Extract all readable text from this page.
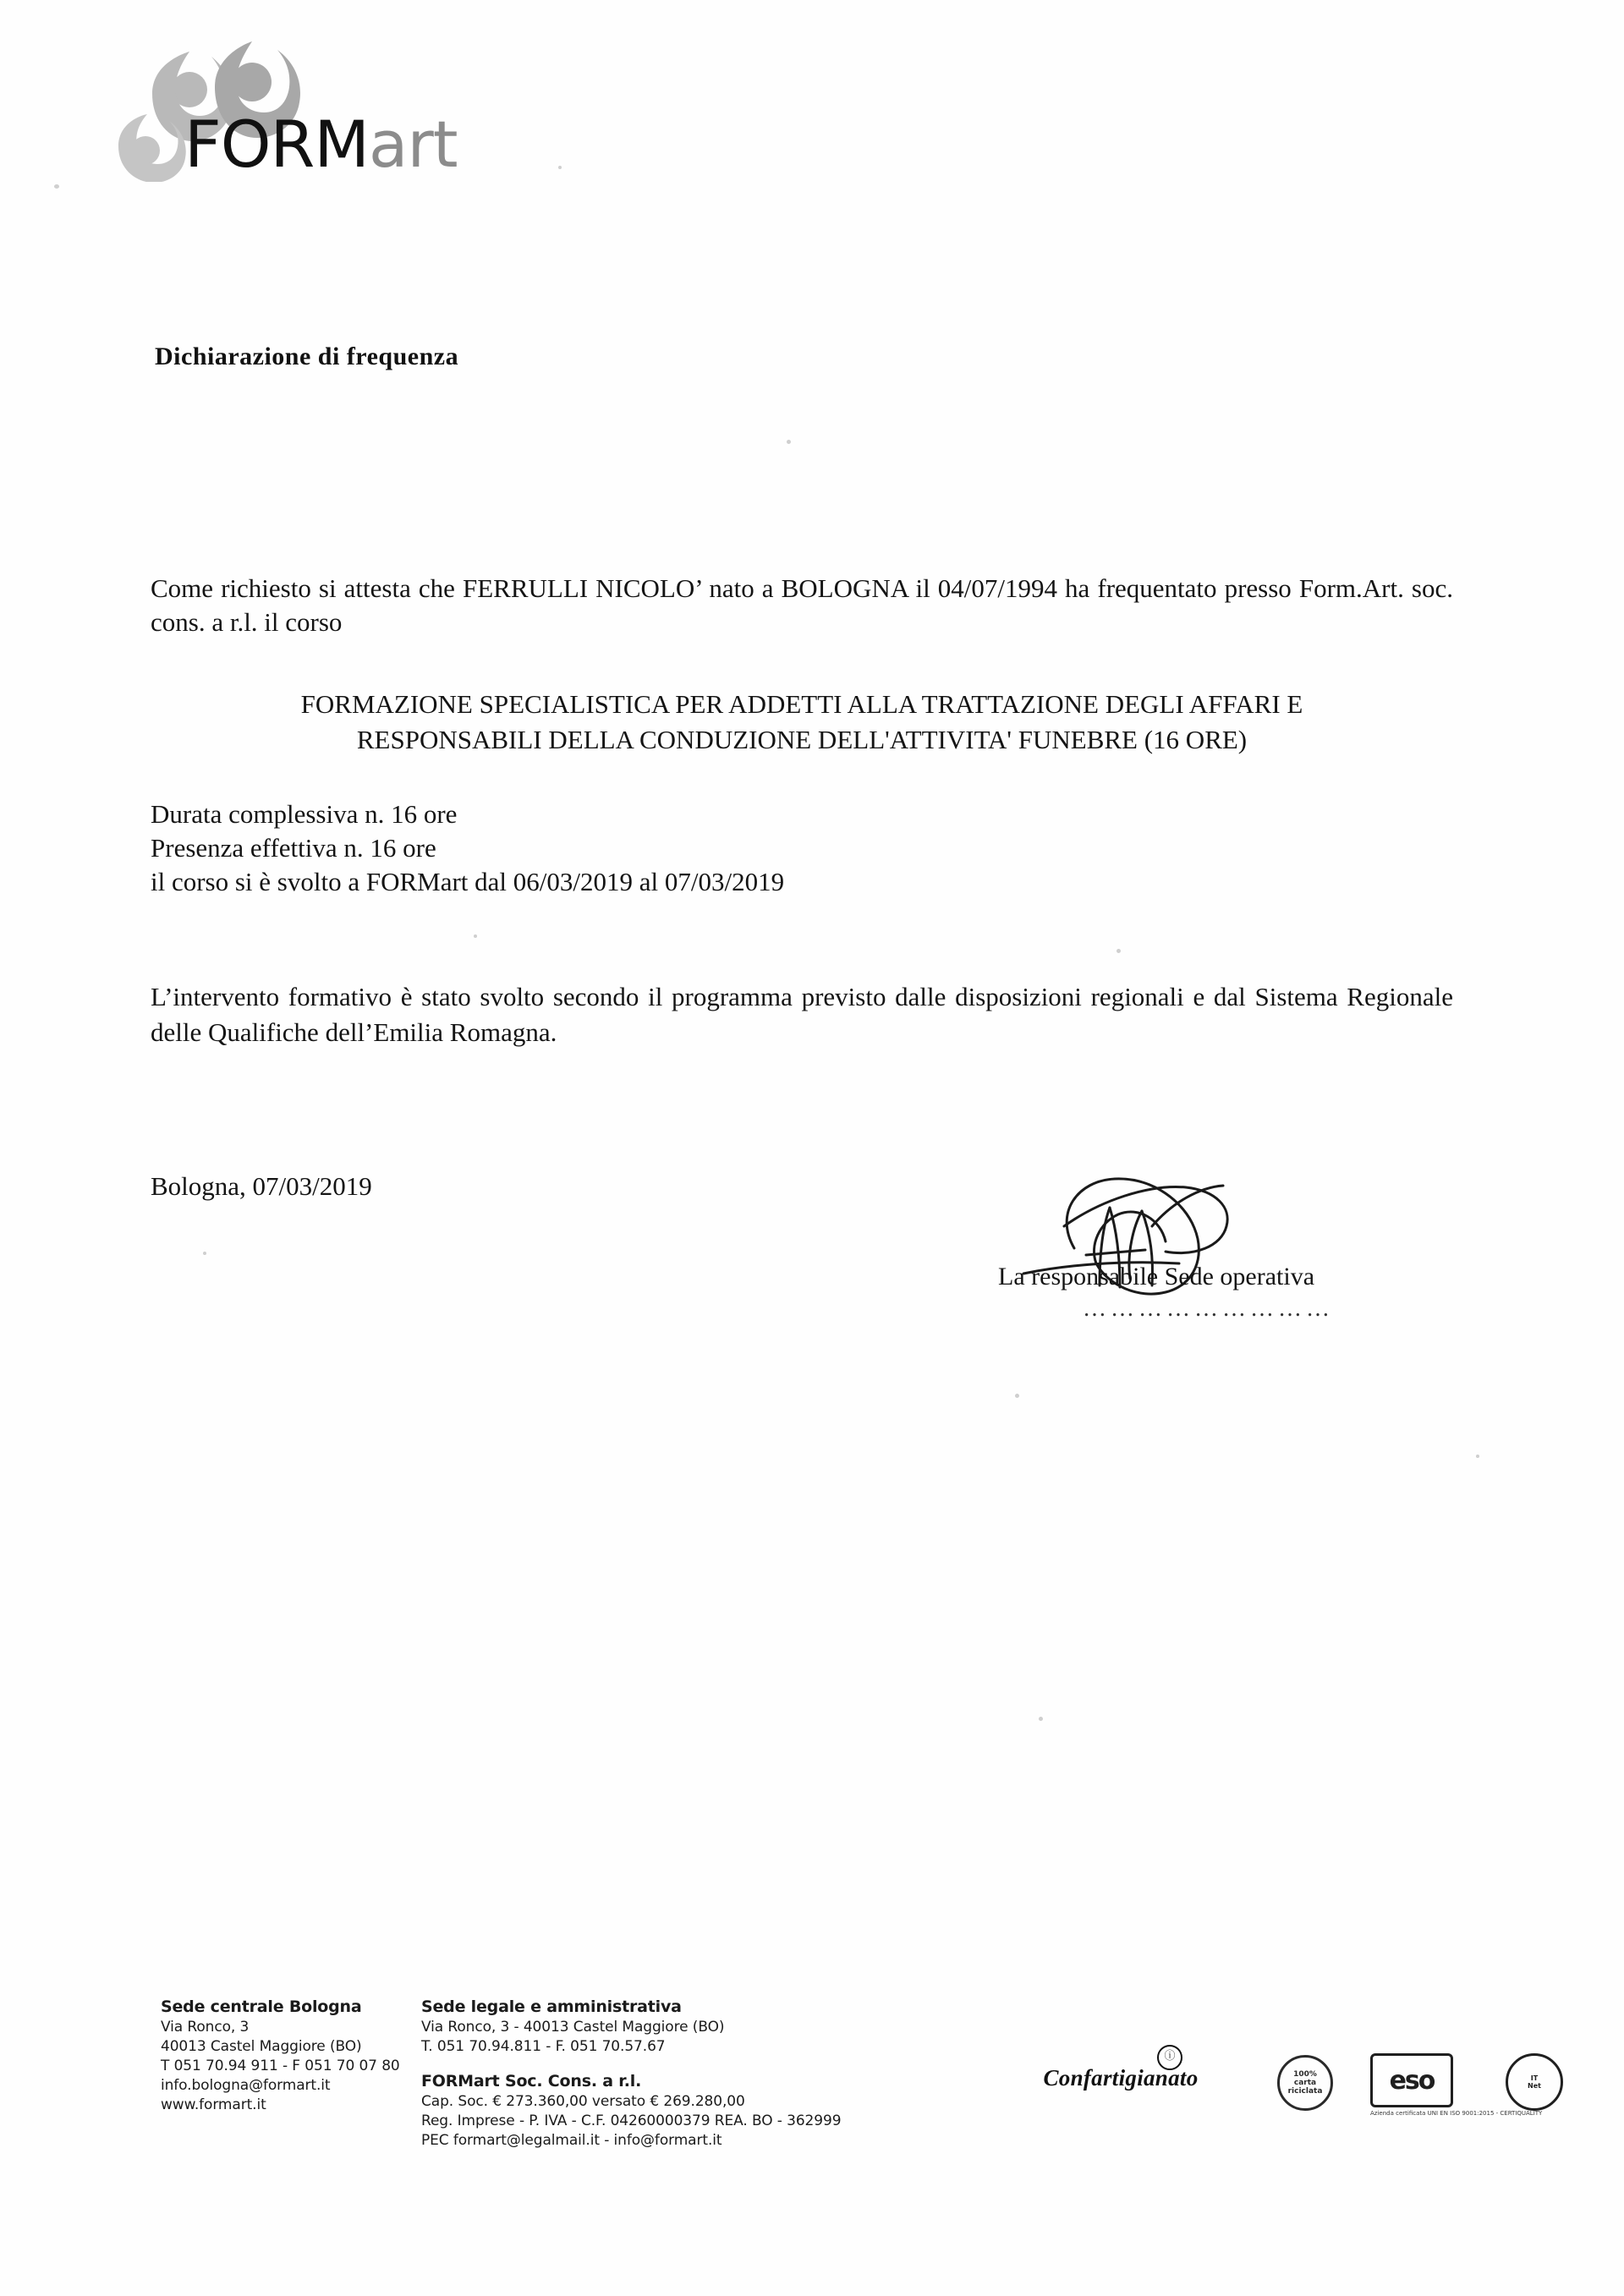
FORMart
Dichiarazione di frequenza
Come richiesto si attesta che FERRULLI NICOLO’ nato a BOLOGNA il 04/07/1994 ha frequentato presso Form.Art. soc. cons. a r.l. il corso
FORMAZIONE SPECIALISTICA PER ADDETTI ALLA TRATTAZIONE DEGLI AFFARI E
RESPONSABILI DELLA CONDUZIONE DELL'ATTIVITA' FUNEBRE (16 ORE)
Durata complessiva n. 16 ore
Presenza effettiva n. 16 ore
il corso si è svolto a FORMart dal 06/03/2019 al 07/03/2019
L’intervento formativo è stato svolto secondo il programma previsto dalle disposizioni regionali e dal Sistema Regionale delle Qualifiche dell’Emilia Romagna.
Bologna, 07/03/2019
La responsabile Sede operativa
………………………
Sede centrale Bologna
Via Ronco, 3
40013 Castel Maggiore (BO)
T 051 70.94 911 - F 051 70 07 80
info.bologna@formart.it
www.formart.it
Sede legale e amministrativa
Via Ronco, 3 - 40013 Castel Maggiore (BO)
T. 051 70.94.811 - F. 051 70.57.67
FORMart Soc. Cons. a r.l.
Cap. Soc. € 273.360,00 versato € 269.280,00
Reg. Imprese - P. IVA - C.F. 04260000379 REA. BO - 362999
PEC formart@legalmail.it - info@formart.it
ⓘ
Confartigianato	100%
carta
riciclata	eso
Azienda certificata UNI EN ISO 9001:2015 - CERTIQUALITY
IT
Net
